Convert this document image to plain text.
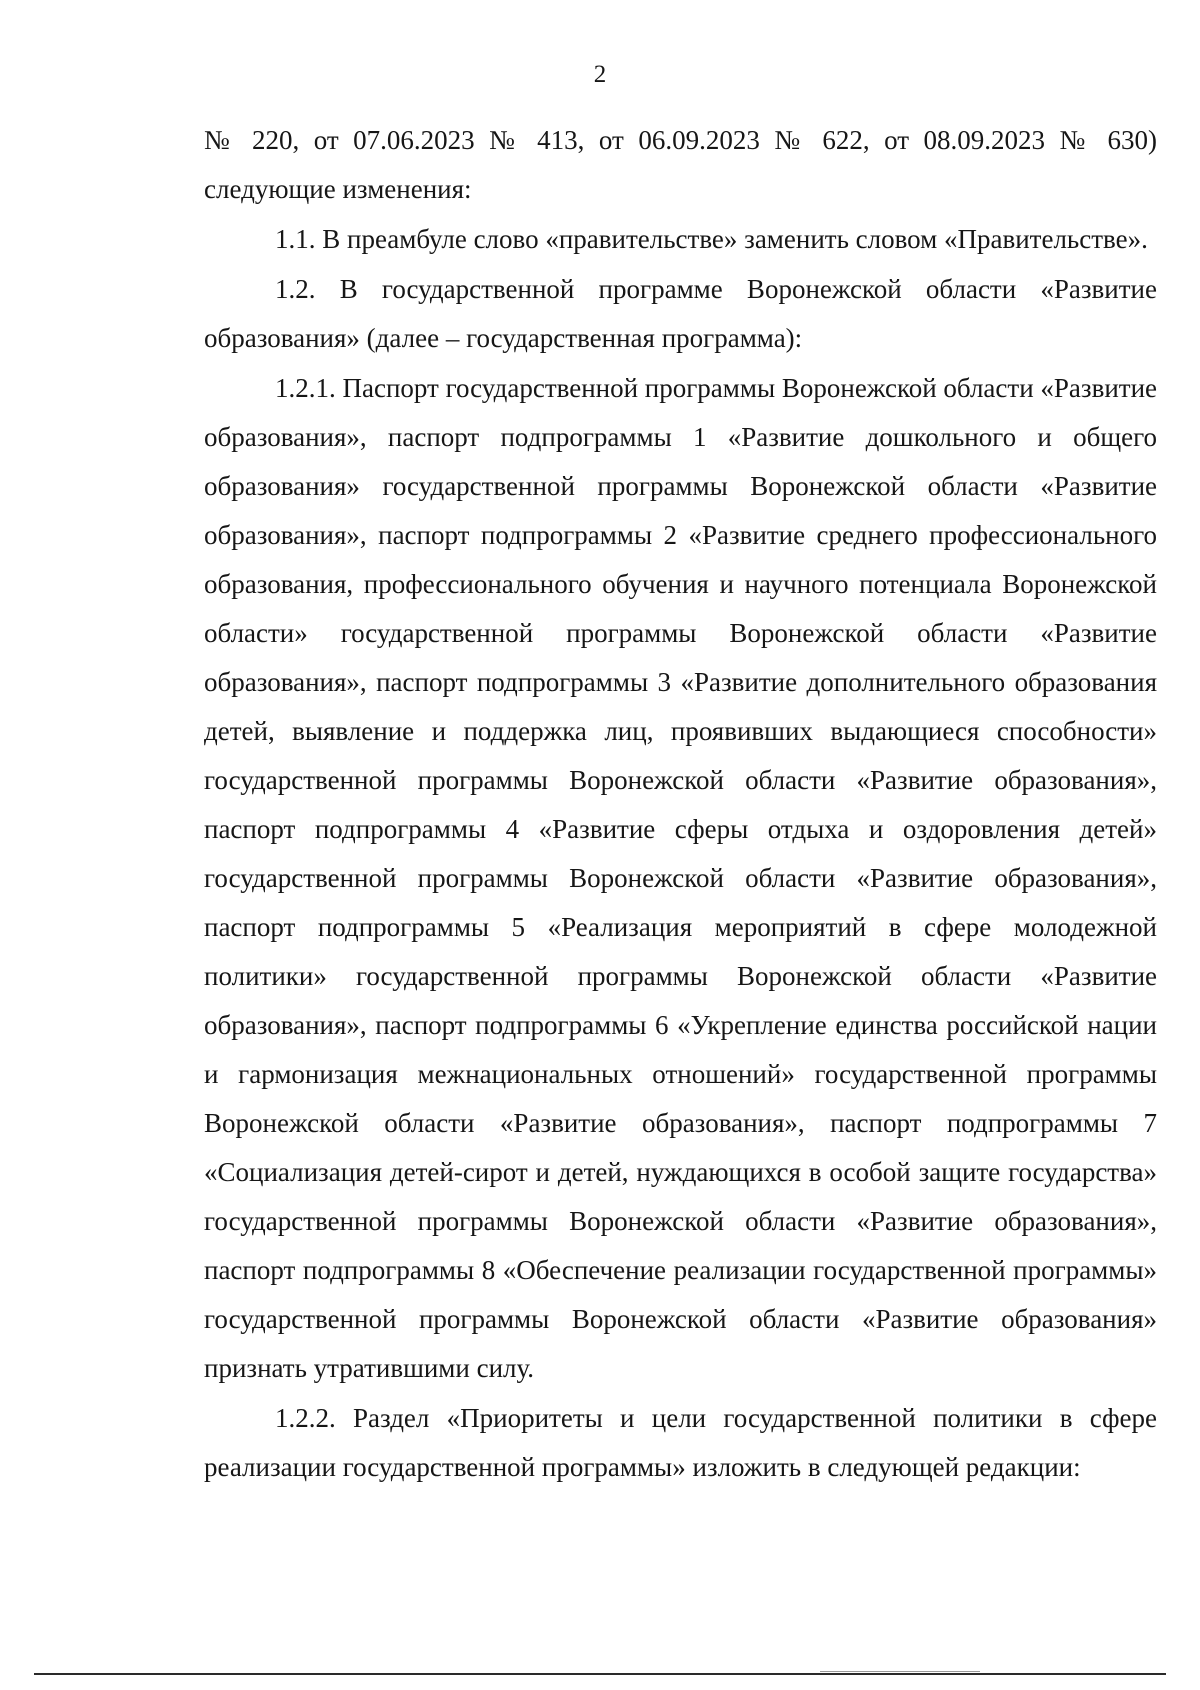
2

№ 220, от 07.06.2023 № 413, от 06.09.2023 № 622, от 08.09.2023 № 630) следующие изменения:

1.1. В преамбуле слово «правительстве» заменить словом «Правительстве».

1.2. В государственной программе Воронежской области «Развитие образования» (далее – государственная программа):

1.2.1. Паспорт государственной программы Воронежской области «Развитие образования», паспорт подпрограммы 1 «Развитие дошкольного и общего образования» государственной программы Воронежской области «Развитие образования», паспорт подпрограммы 2 «Развитие среднего профессионального образования, профессионального обучения и научного потенциала Воронежской области» государственной программы Воронежской области «Развитие образования», паспорт подпрограммы 3 «Развитие дополнительного образования детей, выявление и поддержка лиц, проявивших выдающиеся способности» государственной программы Воронежской области «Развитие образования», паспорт подпрограммы 4 «Развитие сферы отдыха и оздоровления детей» государственной программы Воронежской области «Развитие образования», паспорт подпрограммы 5 «Реализация мероприятий в сфере молодежной политики» государственной программы Воронежской области «Развитие образования», паспорт подпрограммы 6 «Укрепление единства российской нации и гармонизация межнациональных отношений» государственной программы Воронежской области «Развитие образования», паспорт подпрограммы 7 «Социализация детей-сирот и детей, нуждающихся в особой защите государства» государственной программы Воронежской области «Развитие образования», паспорт подпрограммы 8 «Обеспечение реализации государственной программы» государственной программы Воронежской области «Развитие образования» признать утратившими силу.

1.2.2. Раздел «Приоритеты и цели государственной политики в сфере реализации государственной программы» изложить в следующей редакции:
